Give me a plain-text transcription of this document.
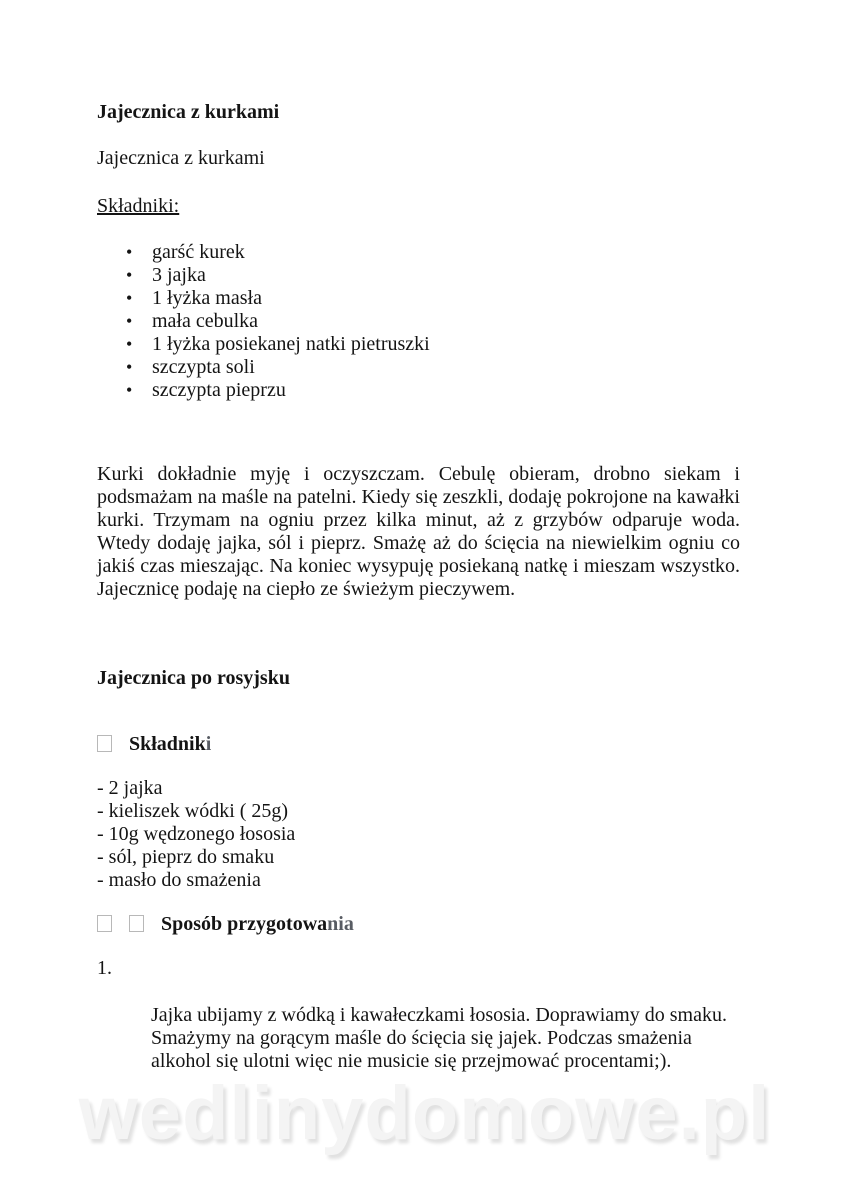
Jajecznica z kurkami

Jajecznica z kurkami

Składniki:

• garść kurek
• 3 jajka
• 1 łyżka masła
• mała cebulka
• 1 łyżka posiekanej natki pietruszki
• szczypta soli
• szczypta pieprzu

Kurki dokładnie myję i oczyszczam. Cebulę obieram, drobno siekam i podsmażam na maśle na patelni. Kiedy się zeszkli, dodaję pokrojone na kawałki kurki. Trzymam na ogniu przez kilka minut, aż z grzybów odparuje woda. Wtedy dodaję jajka, sól i pieprz. Smażę aż do ścięcia na niewielkim ogniu co jakiś czas mieszając. Na koniec wysypuję posiekaną natkę i mieszam wszystko. Jajecznicę podaję na ciepło ze świeżym pieczywem.

Jajecznica po rosyjsku

Składniki

- 2 jajka

- kieliszek wódki ( 25g)

- 10g wędzonego łososia

- sól, pieprz do smaku

- masło do smażenia

Sposób przygotowania

1.

Jajka ubijamy z wódką i kawałeczkami łososia. Doprawiamy do smaku. Smażymy na gorącym maśle do ścięcia się jajek. Podczas smażenia alkohol się ulotni więc nie musicie się przejmować procentami;).

wedlinydomowe.pl
